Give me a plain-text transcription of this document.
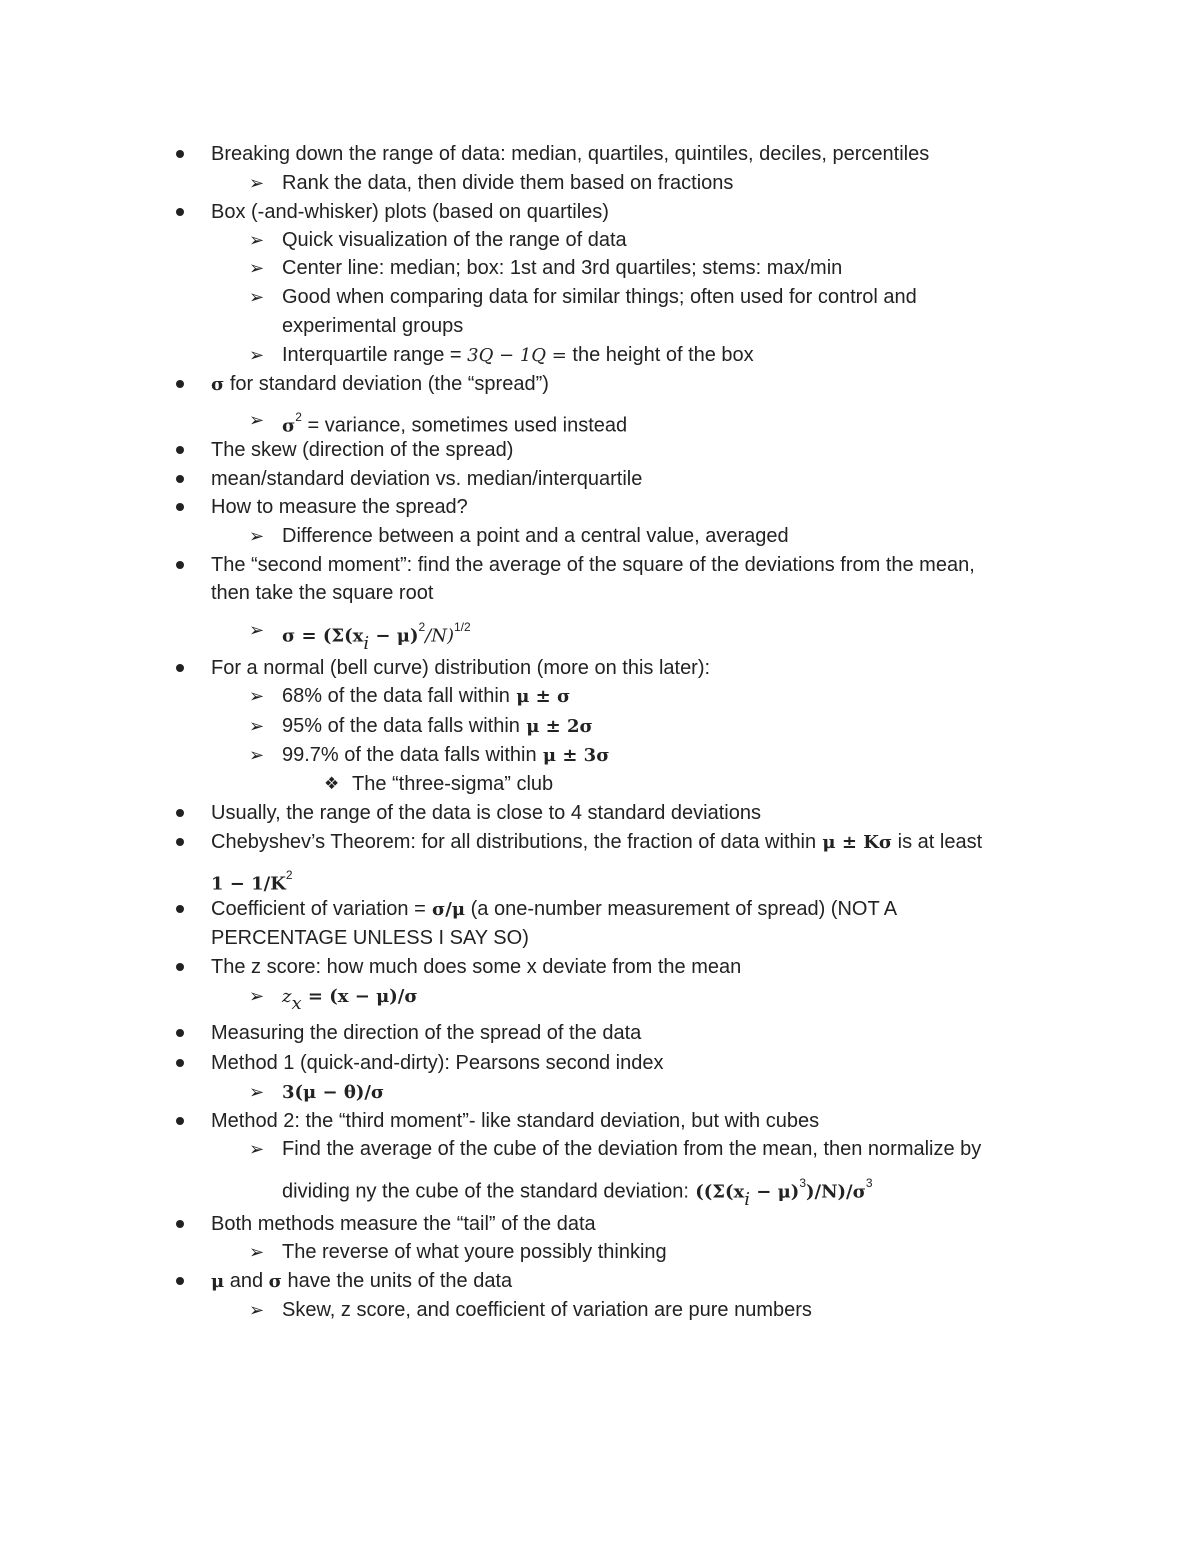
Breaking down the range of data: median, quartiles, quintiles, deciles, percentiles
➢ Rank the data, then divide them based on fractions
Box (-and-whisker) plots (based on quartiles)
➢ Quick visualization of the range of data
➢ Center line: median; box: 1st and 3rd quartiles; stems: max/min
➢ Good when comparing data for similar things; often used for control and
experimental groups
➢ Interquartile range = 3Q − 1Q = the height of the box
σ for standard deviation (the “spread”)
➢ $\sigma^2$ = variance, sometimes used instead
The skew (direction of the spread)
mean/standard deviation vs. median/interquartile
How to measure the spread?
➢ Difference between a point and a central value, averaged
The “second moment”: find the average of the square of the deviations from the mean,
then take the square root
➢ $\sigma = (\Sigma(x_i - \mu)^2/N)^{1/2}$
For a normal (bell curve) distribution (more on this later):
➢ 68% of the data fall within μ ± σ
➢ 95% of the data falls within μ ± 2σ
➢ 99.7% of the data falls within μ ± 3σ
❖ The “three-sigma” club
Usually, the range of the data is close to 4 standard deviations
Chebyshev’s Theorem: for all distributions, the fraction of data within μ ± Kσ is at least
$1 - 1/K^2$
Coefficient of variation = σ/μ (a one-number measurement of spread) (NOT A
PERCENTAGE UNLESS I SAY SO)
The z score: how much does some x deviate from the mean
➢ $z_x = (x - \mu)/\sigma$
Measuring the direction of the spread of the data
Method 1 (quick-and-dirty): Pearsons second index
➢ 3(μ − θ)/σ
Method 2: the “third moment”- like standard deviation, but with cubes
➢ Find the average of the cube of the deviation from the mean, then normalize by
dividing ny the cube of the standard deviation: $((\Sigma(x_i - \mu)^3)/N)/\sigma^3$
Both methods measure the “tail” of the data
➢ The reverse of what youre possibly thinking
μ and σ have the units of the data
➢ Skew, z score, and coefficient of variation are pure numbers
